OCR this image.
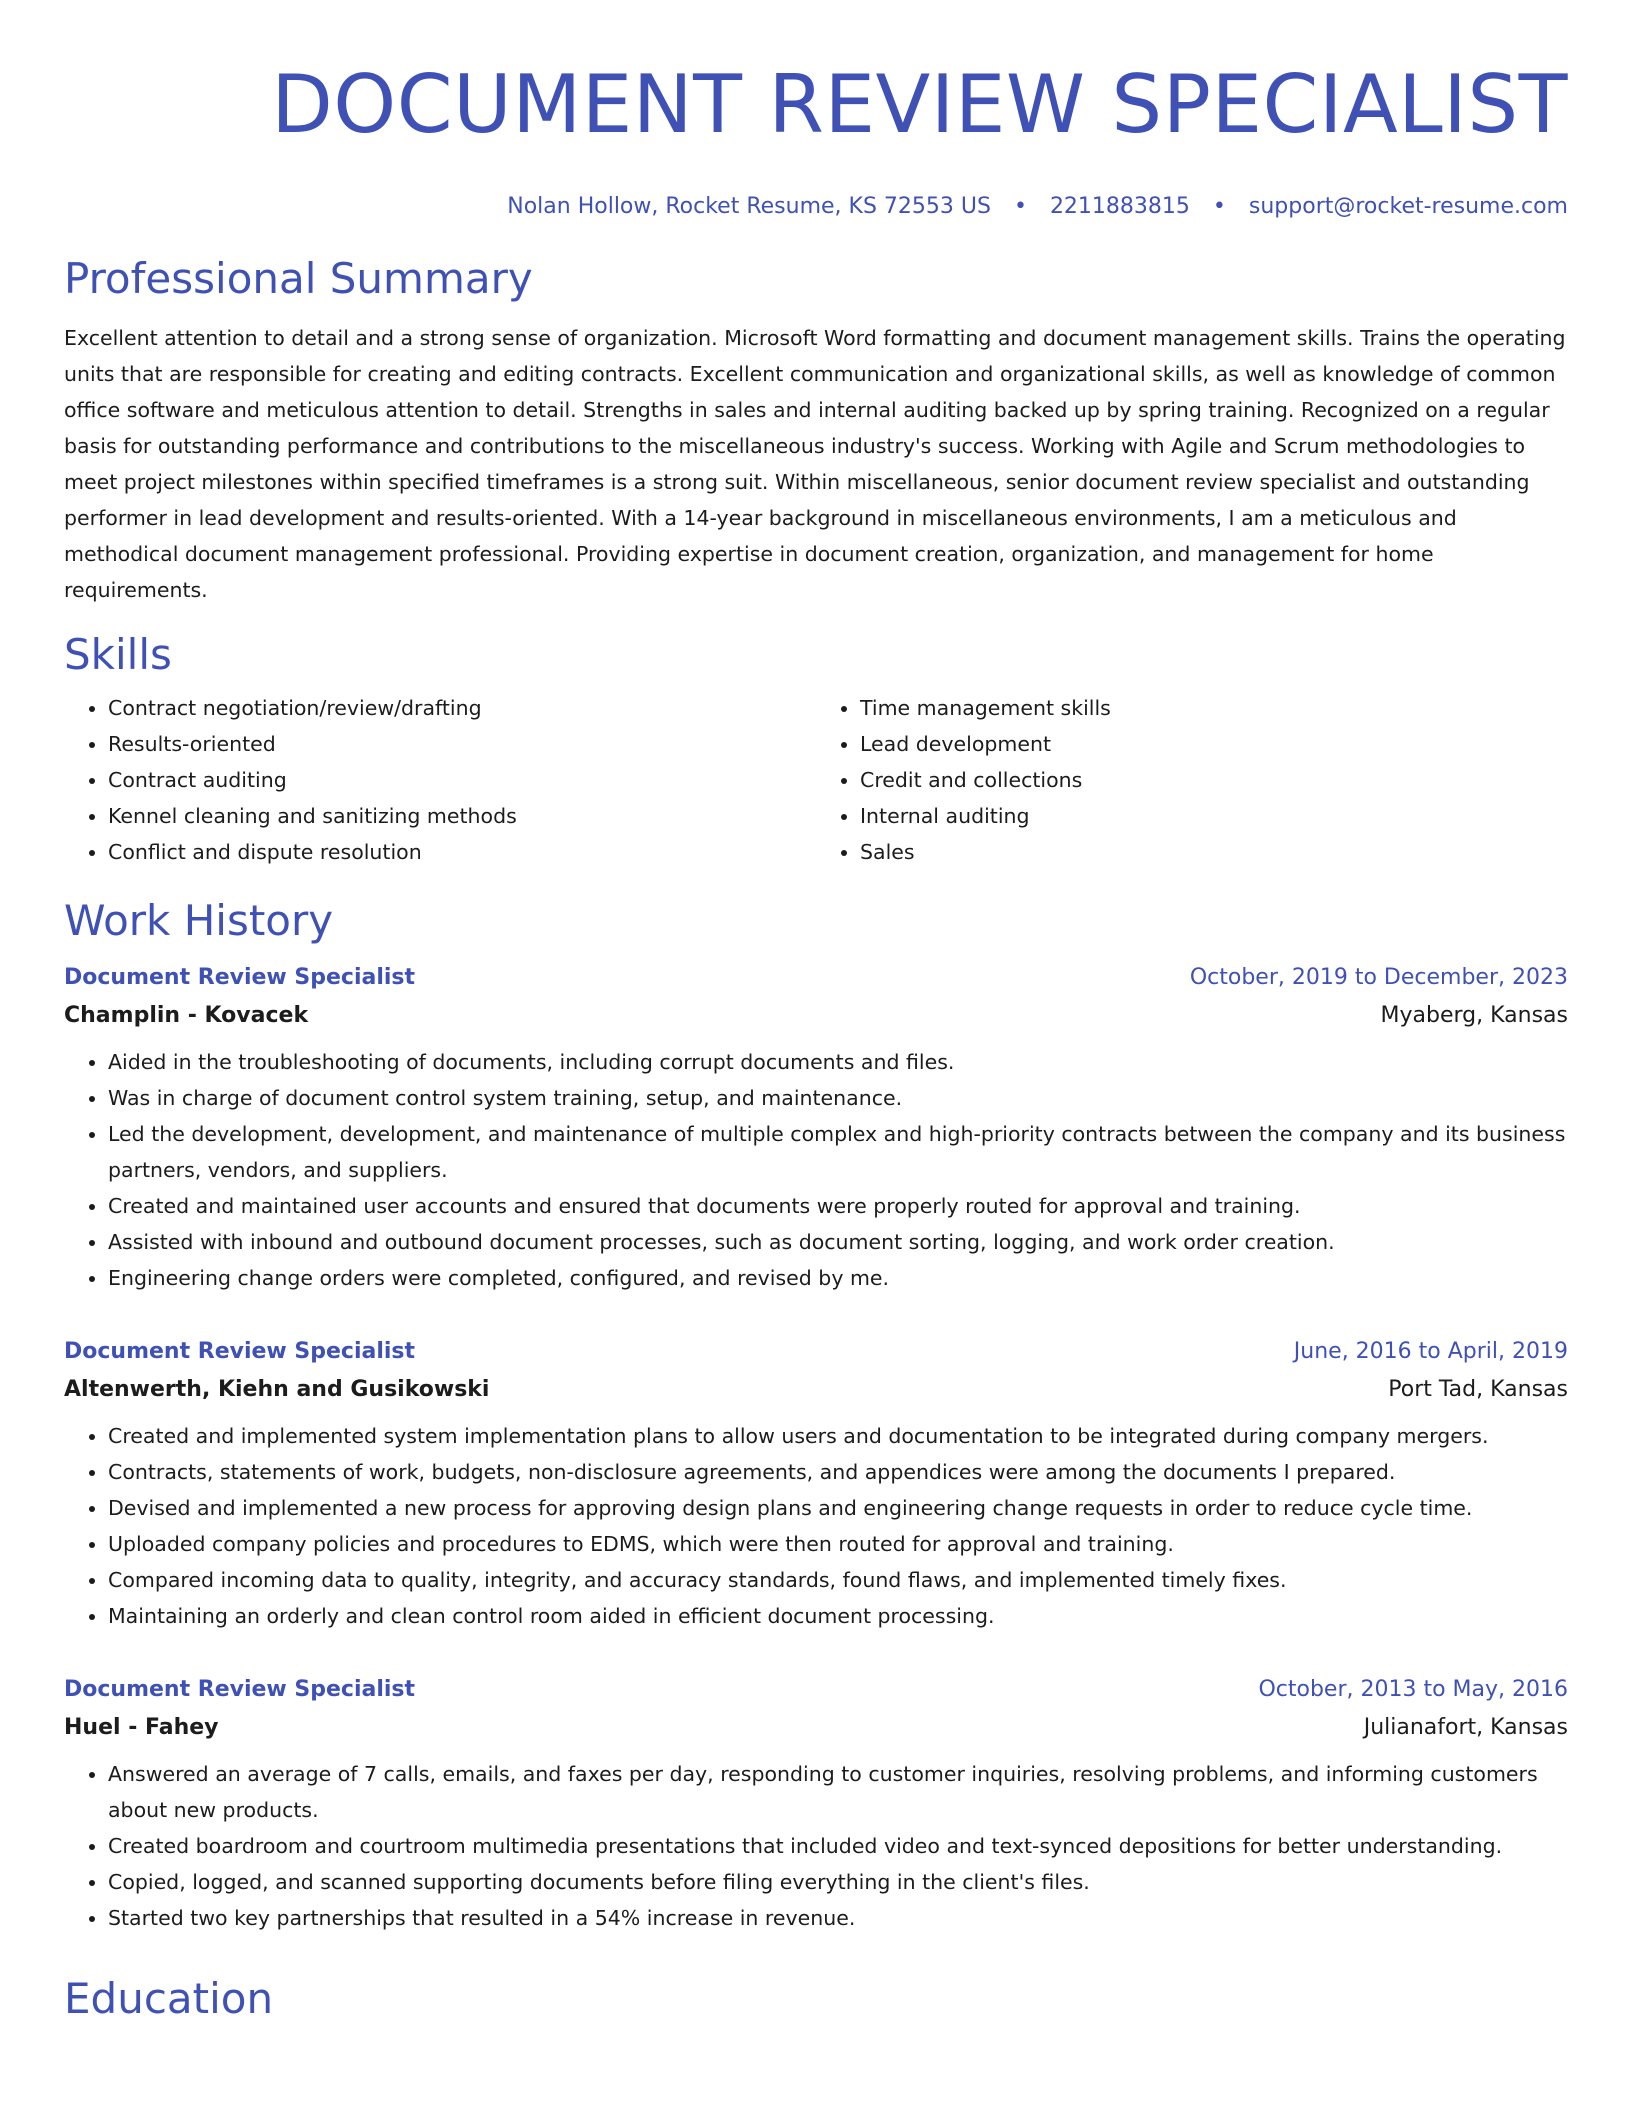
DOCUMENT REVIEW SPECIALIST
Nolan Hollow, Rocket Resume, KS 72553 US • 2211883815 • support@rocket-resume.com
Professional Summary

Excellent attention to detail and a strong sense of organization. Microsoft Word formatting and document management skills. Trains the operating units that are responsible for creating and editing contracts. Excellent communication and organizational skills, as well as knowledge of common office software and meticulous attention to detail. Strengths in sales and internal auditing backed up by spring training. Recognized on a regular basis for outstanding performance and contributions to the miscellaneous industry's success. Working with Agile and Scrum methodologies to meet project milestones within specified timeframes is a strong suit. Within miscellaneous, senior document review specialist and outstanding performer in lead development and results-oriented. With a 14-year background in miscellaneous environments, I am a meticulous and methodical document management professional. Providing expertise in document creation, organization, and management for home requirements.

Skills
• Contract negotiation/review/drafting
• Results-oriented
• Contract auditing
• Kennel cleaning and sanitizing methods
• Conflict and dispute resolution
• Time management skills
• Lead development
• Credit and collections
• Internal auditing
• Sales
Work History
Document Review Specialist	October, 2019 to December, 2023
Champlin - Kovacek	Myaberg, Kansas
• Aided in the troubleshooting of documents, including corrupt documents and files.
• Was in charge of document control system training, setup, and maintenance.
• Led the development, development, and maintenance of multiple complex and high-priority contracts between the company and its business partners, vendors, and suppliers.
• Created and maintained user accounts and ensured that documents were properly routed for approval and training.
• Assisted with inbound and outbound document processes, such as document sorting, logging, and work order creation.
• Engineering change orders were completed, configured, and revised by me.
Document Review Specialist	June, 2016 to April, 2019
Altenwerth, Kiehn and Gusikowski	Port Tad, Kansas
• Created and implemented system implementation plans to allow users and documentation to be integrated during company mergers.
• Contracts, statements of work, budgets, non-disclosure agreements, and appendices were among the documents I prepared.
• Devised and implemented a new process for approving design plans and engineering change requests in order to reduce cycle time.
• Uploaded company policies and procedures to EDMS, which were then routed for approval and training.
• Compared incoming data to quality, integrity, and accuracy standards, found flaws, and implemented timely fixes.
• Maintaining an orderly and clean control room aided in efficient document processing.
Document Review Specialist	October, 2013 to May, 2016
Huel - Fahey	Julianafort, Kansas
• Answered an average of 7 calls, emails, and faxes per day, responding to customer inquiries, resolving problems, and informing customers about new products.
• Created boardroom and courtroom multimedia presentations that included video and text-synced depositions for better understanding.
• Copied, logged, and scanned supporting documents before filing everything in the client's files.
• Started two key partnerships that resulted in a 54% increase in revenue.
Education
